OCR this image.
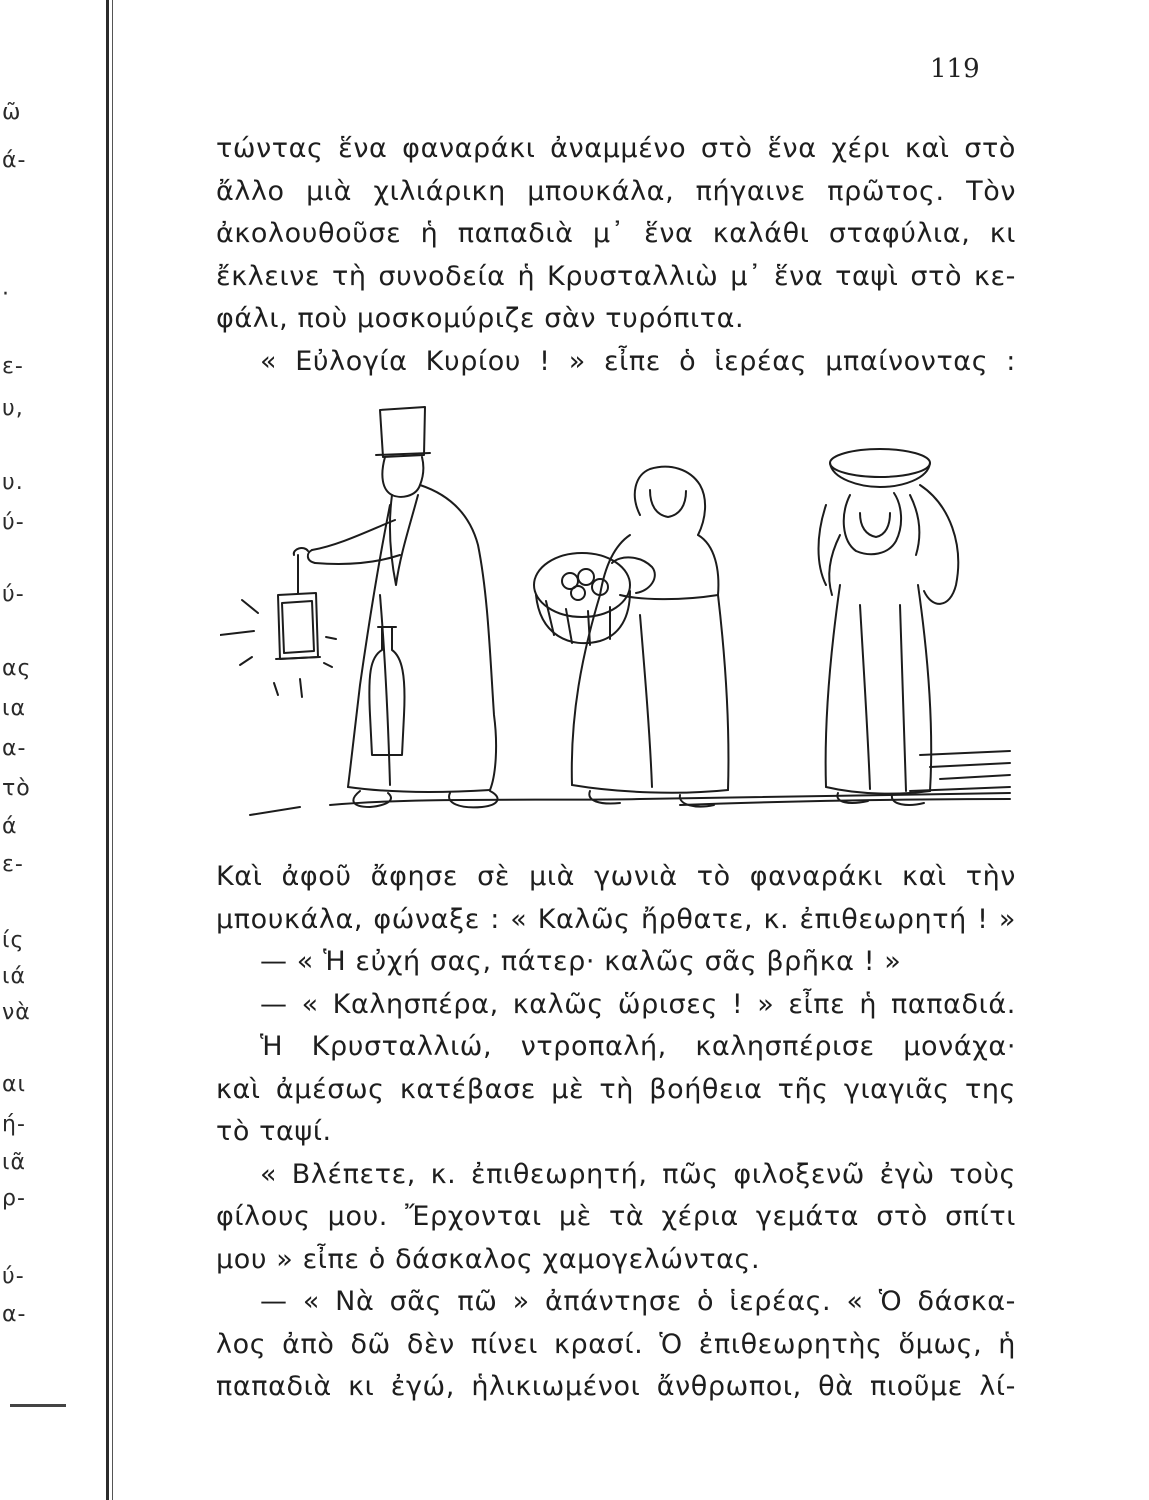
ῶ
ά-
·
ε-
υ,
υ.
ύ-
ύ-
ας
ια
α-
τὸ
ά
ε-
ίς
ιά
νὰ
αι
ή-
ιᾶ
ρ-
ύ-
α-
119
τώντας ἕνα φαναράκι ἀναμμένο στὸ ἕνα χέρι καὶ στὸ
ἄλλο μιὰ χιλιάρικη μπουκάλα, πήγαινε πρῶτος. Τὸν
ἀκολουθοῦσε ἡ παπαδιὰ μ᾽ ἕνα καλάθι σταφύλια, κι
ἔκλεινε τὴ συνοδεία ἡ Κρυσταλλιὼ μ᾽ ἕνα ταψὶ στὸ κε-
φάλι, ποὺ μοσκομύριζε σὰν τυρόπιτα.
« Εὐλογία Κυρίου ! » εἶπε ὁ ἱερέας μπαίνοντας :
Καὶ ἀφοῦ ἄφησε σὲ μιὰ γωνιὰ τὸ φαναράκι καὶ τὴν
μπουκάλα, φώναξε : « Καλῶς ἤρθατε, κ. ἐπιθεωρητή ! »
— « Ἡ εὐχή σας, πάτερ· καλῶς σᾶς βρῆκα ! »
— « Καλησπέρα, καλῶς ὥρισες ! » εἶπε ἡ παπαδιά.
Ἡ Κρυσταλλιώ, ντροπαλή, καλησπέρισε μονάχα·
καὶ ἀμέσως κατέβασε μὲ τὴ βοήθεια τῆς γιαγιᾶς της
τὸ ταψί.
« Βλέπετε, κ. ἐπιθεωρητή, πῶς φιλοξενῶ ἐγὼ τοὺς
φίλους μου. Ἔρχονται μὲ τὰ χέρια γεμάτα στὸ σπίτι
μου » εἶπε ὁ δάσκαλος χαμογελώντας.
— « Νὰ σᾶς πῶ » ἀπάντησε ὁ ἱερέας. « Ὁ δάσκα-
λος ἀπὸ δῶ δὲν πίνει κρασί. Ὁ ἐπιθεωρητὴς ὅμως, ἡ
παπαδιὰ κι ἐγώ, ἡλικιωμένοι ἄνθρωποι, θὰ πιοῦμε λί-
